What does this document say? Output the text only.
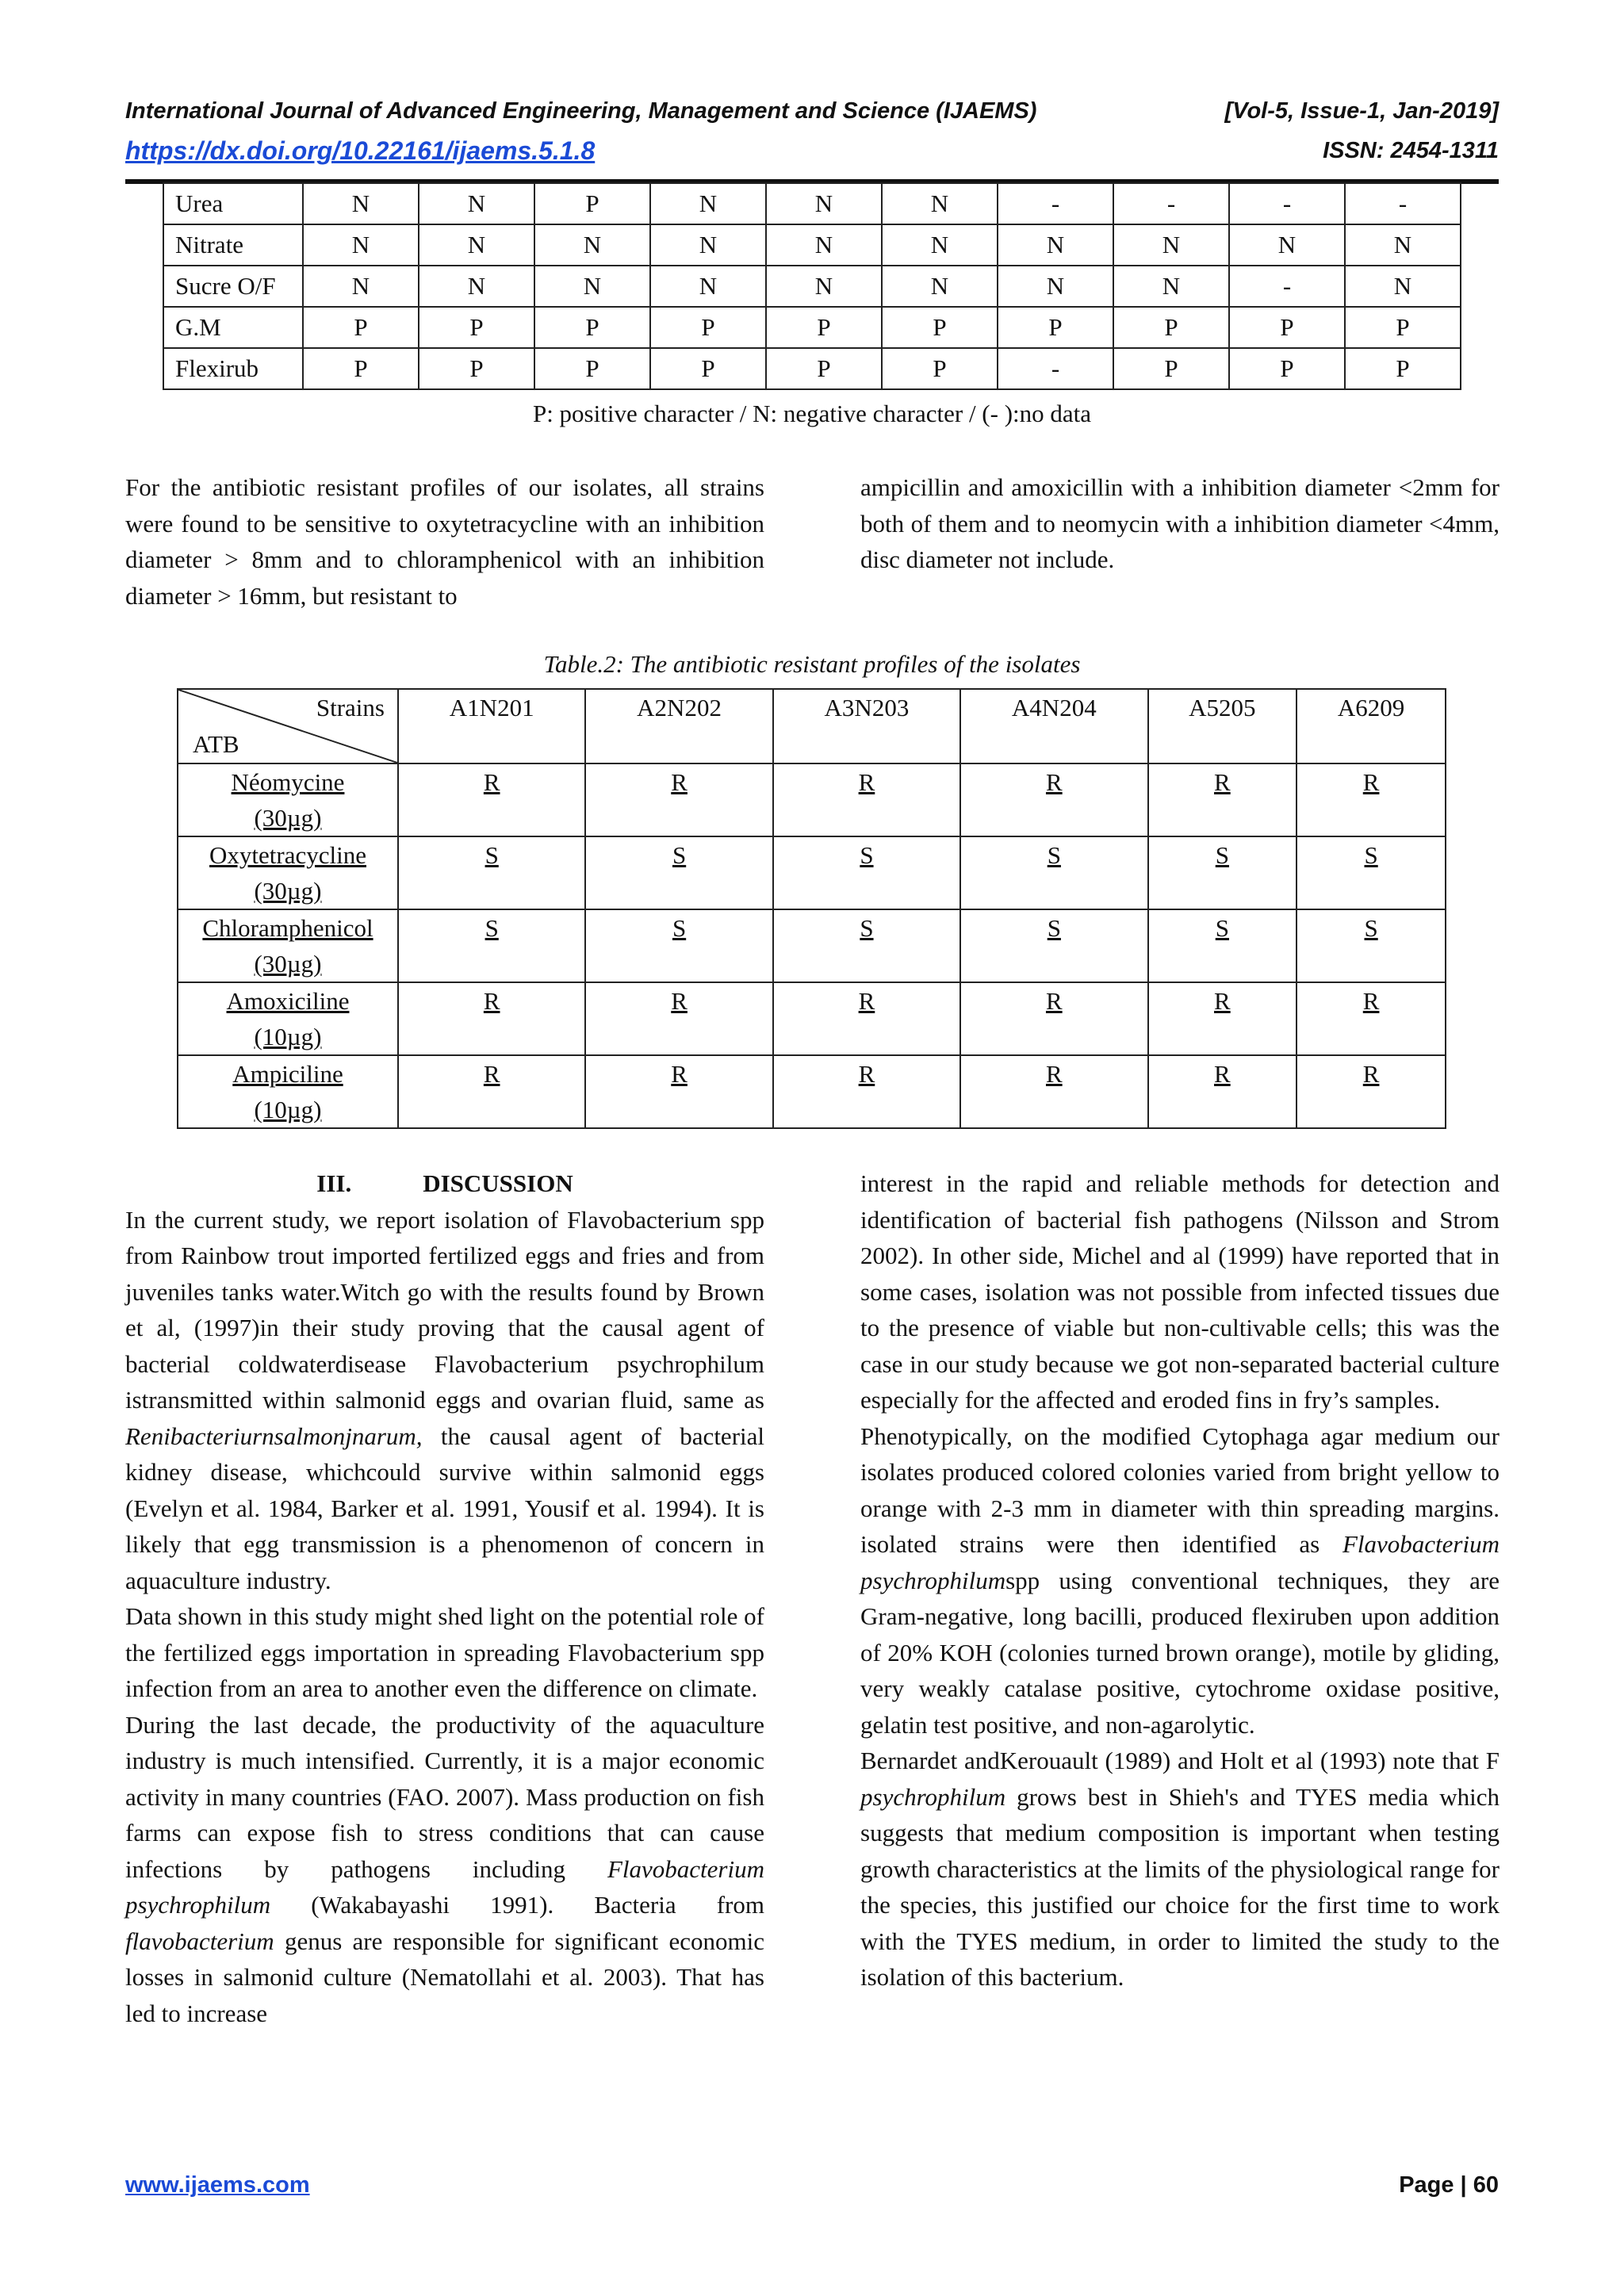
International Journal of Advanced Engineering, Management and Science (IJAEMS)	[Vol-5, Issue-1, Jan-2019]
https://dx.doi.org/10.22161/ijaems.5.1.8	ISSN: 2454-1311
Urea	N	N	P	N	N	N	-	-	-	-
Nitrate	N	N	N	N	N	N	N	N	N	N
Sucre O/F	N	N	N	N	N	N	N	N	-	N
G.M	P	P	P	P	P	P	P	P	P	P
Flexirub	P	P	P	P	P	P	-	P	P	P
P: positive character / N: negative character / (- ):no data

For the antibiotic resistant profiles of our isolates, all strains were found to be sensitive to oxytetracycline with an inhibition diameter > 8mm and to chloramphenicol with an inhibition diameter > 16mm, but resistant to

ampicillin and amoxicillin with a inhibition diameter <2mm for both of them and to neomycin with a inhibition diameter <4mm, disc diameter not include.

Table.2: The antibiotic resistant profiles of the isolates
Strains
ATB	A1N201	A2N202	A3N203	A4N204	A5205	A6209

Néomycine
(30µg)	R	R	R	R	R	R

Oxytetracycline
(30µg)	S	S	S	S	S	S

Chloramphenicol
(30µg)	S	S	S	S	S	S

Amoxiciline
(10µg)	R	R	R	R	R	R

Ampiciline
(10µg)	R	R	R	R	R	R

III.	DISCUSSION

In the current study, we report isolation of Flavobacterium spp from Rainbow trout imported fertilized eggs and fries and from juveniles tanks water.Witch go with the results found by Brown et al, (1997)in their study proving that the causal agent of bacterial coldwaterdisease Flavobacterium psychrophilum istransmitted within salmonid eggs and ovarian fluid, same as Renibacteriurnsalmonjnarum, the causal agent of bacterial kidney disease, whichcould survive within salmonid eggs (Evelyn et al. 1984, Barker et al. 1991, Yousif et al. 1994). It is likely that egg transmission is a phenomenon of concern in aquaculture industry.

Data shown in this study might shed light on the potential role of the fertilized eggs importation in spreading Flavobacterium spp infection from an area to another even the difference on climate.

During the last decade, the productivity of the aquaculture industry is much intensified. Currently, it is a major economic activity in many countries (FAO. 2007). Mass production on fish farms can expose fish to stress conditions that can cause infections by pathogens including Flavobacterium psychrophilum (Wakabayashi 1991). Bacteria from flavobacterium genus are responsible for significant economic losses in salmonid culture (Nematollahi et al. 2003). That has led to increase

interest in the rapid and reliable methods for detection and identification of bacterial fish pathogens (Nilsson and Strom 2002). In other side, Michel and al (1999) have reported that in some cases, isolation was not possible from infected tissues due to the presence of viable but non-cultivable cells; this was the case in our study because we got non-separated bacterial culture especially for the affected and eroded fins in fry’s samples.

Phenotypically, on the modified Cytophaga agar medium our isolates produced colored colonies varied from bright yellow to orange with 2-3 mm in diameter with thin spreading margins. isolated strains were then identified as Flavobacterium psychrophilumspp using conventional techniques, they are Gram-negative, long bacilli, produced flexiruben upon addition of 20% KOH (colonies turned brown orange), motile by gliding, very weakly catalase positive, cytochrome oxidase positive, gelatin test positive, and non-agarolytic.

Bernardet andKerouault (1989) and Holt et al (1993) note that F psychrophilum grows best in Shieh's and TYES media which suggests that medium composition is important when testing growth characteristics at the limits of the physiological range for the species, this justified our choice for the first time to work with the TYES medium, in order to limited the study to the isolation of this bacterium.

www.ijaems.com	Page | 60
